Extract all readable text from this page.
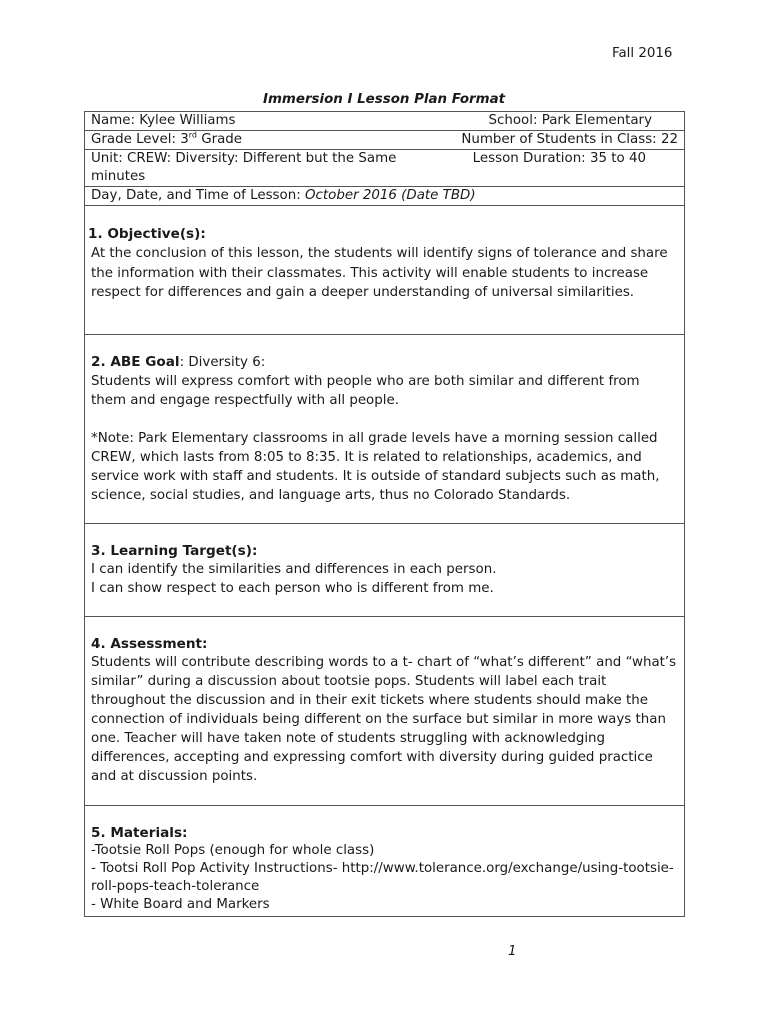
Fall 2016
Immersion I Lesson Plan Format
Name: Kylee Williams	School: Park Elementary

Grade Level: 3rd Grade	Number of Students in Class: 22

Unit: CREW: Diversity: Different but the Same	Lesson Duration: 35 to 40
minutes

Day, Date, and Time of Lesson: October 2016 (Date TBD)

1. Objective(s):
At the conclusion of this lesson, the students will identify signs of tolerance and share the information with their classmates. This activity will enable students to increase respect for differences and gain a deeper understanding of universal similarities.

2. ABE Goal: Diversity 6:
Students will express comfort with people who are both similar and different from them and engage respectfully with all people.
*Note: Park Elementary classrooms in all grade levels have a morning session called CREW, which lasts from 8:05 to 8:35. It is related to relationships, academics, and service work with staff and students. It is outside of standard subjects such as math, science, social studies, and language arts, thus no Colorado Standards.

3. Learning Target(s):
I can identify the similarities and differences in each person.
I can show respect to each person who is different from me.

4. Assessment:
Students will contribute describing words to a t- chart of “what’s different” and “what’s similar” during a discussion about tootsie pops. Students will label each trait throughout the discussion and in their exit tickets where students should make the connection of individuals being different on the surface but similar in more ways than one. Teacher will have taken note of students struggling with acknowledging differences, accepting and expressing comfort with diversity during guided practice and at discussion points.

5. Materials:
-Tootsie Roll Pops (enough for whole class)
- Tootsi Roll Pop Activity Instructions- http://www.tolerance.org/exchange/using-tootsie-roll-pops-teach-tolerance
- White Board and Markers
1
